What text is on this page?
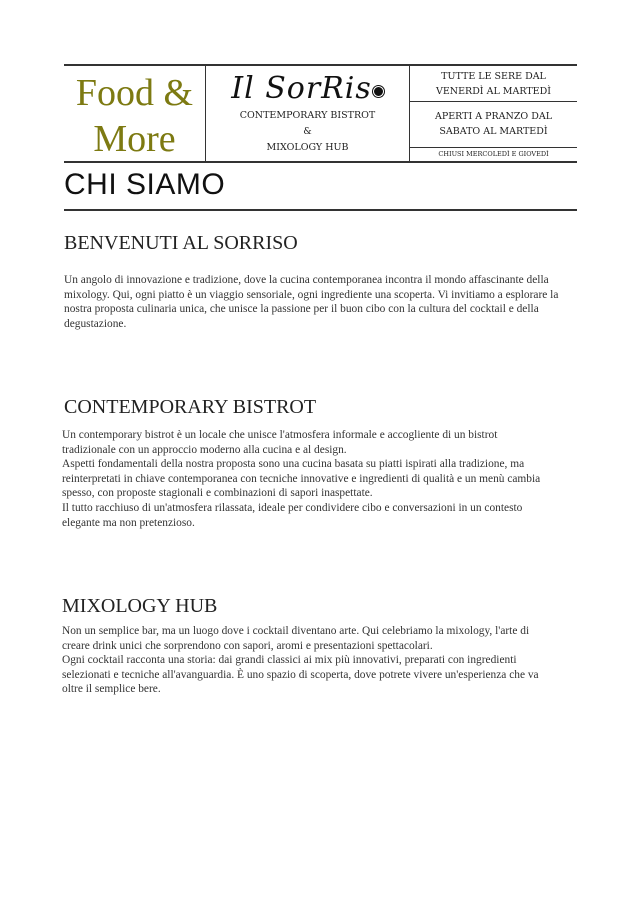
Food &
More
Il SorRis
CONTEMPORARY BISTROT
&
MIXOLOGY HUB
TUTTE LE SERE DAL
VENERDÌ AL MARTEDÌ
APERTI A PRANZO DAL
SABATO AL MARTEDÌ
CHIUSI MERCOLEDÌ E GIOVEDÌ
CHI SIAMO
BENVENUTI AL SORRISO
Un angolo di innovazione e tradizione, dove la cucina contemporanea incontra il mondo affascinante della
mixology. Qui, ogni piatto è un viaggio sensoriale, ogni ingrediente una scoperta. Vi invitiamo a esplorare la
nostra proposta culinaria unica, che unisce la passione per il buon cibo con la cultura del cocktail e della
degustazione.
CONTEMPORARY BISTROT
Un contemporary bistrot è un locale che unisce l'atmosfera informale e accogliente di un bistrot
tradizionale con un approccio moderno alla cucina e al design.
Aspetti fondamentali della nostra proposta sono una cucina basata su piatti ispirati alla tradizione, ma
reinterpretati in chiave contemporanea con tecniche innovative e ingredienti di qualità e un menù cambia
spesso, con proposte stagionali e combinazioni di sapori inaspettate.
Il tutto racchiuso di un'atmosfera rilassata, ideale per condividere cibo e conversazioni in un contesto
elegante ma non pretenzioso.
MIXOLOGY HUB
Non un semplice bar, ma un luogo dove i cocktail diventano arte. Qui celebriamo la mixology, l'arte di
creare drink unici che sorprendono con sapori, aromi e presentazioni spettacolari.
Ogni cocktail racconta una storia: dai grandi classici ai mix più innovativi, preparati con ingredienti
selezionati e tecniche all'avanguardia. È uno spazio di scoperta, dove potrete vivere un'esperienza che va
oltre il semplice bere.
